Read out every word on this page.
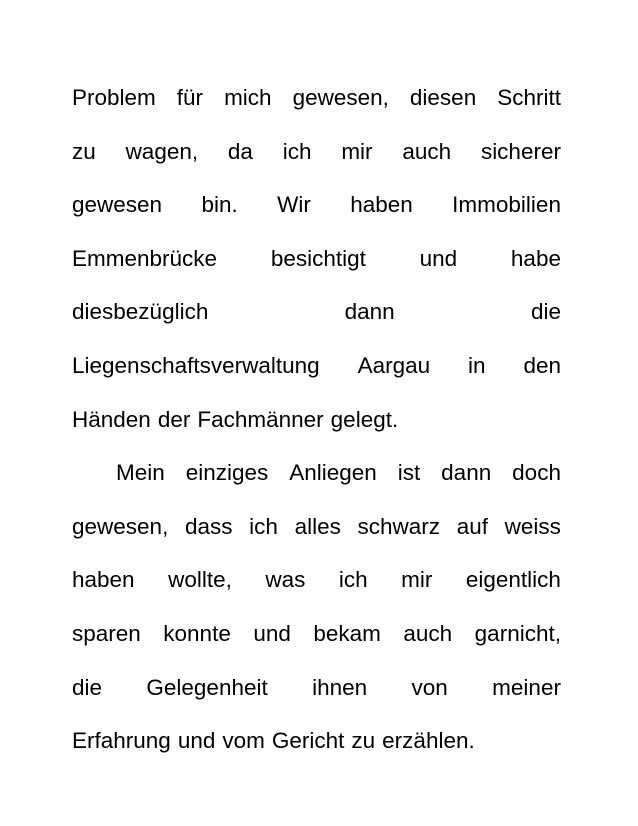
Problem für mich gewesen, diesen Schritt
zu wagen, da ich mir auch sicherer
gewesen bin. Wir haben Immobilien
Emmenbrücke besichtigt und habe
diesbezüglich	dann	die
Liegenschaftsverwaltung Aargau in den
Händen der Fachmänner gelegt.
Mein einziges Anliegen ist dann doch
gewesen, dass ich alles schwarz auf weiss
haben wollte, was ich mir eigentlich
sparen konnte und bekam auch garnicht,
die Gelegenheit ihnen von meiner
Erfahrung und vom Gericht zu erzählen.
